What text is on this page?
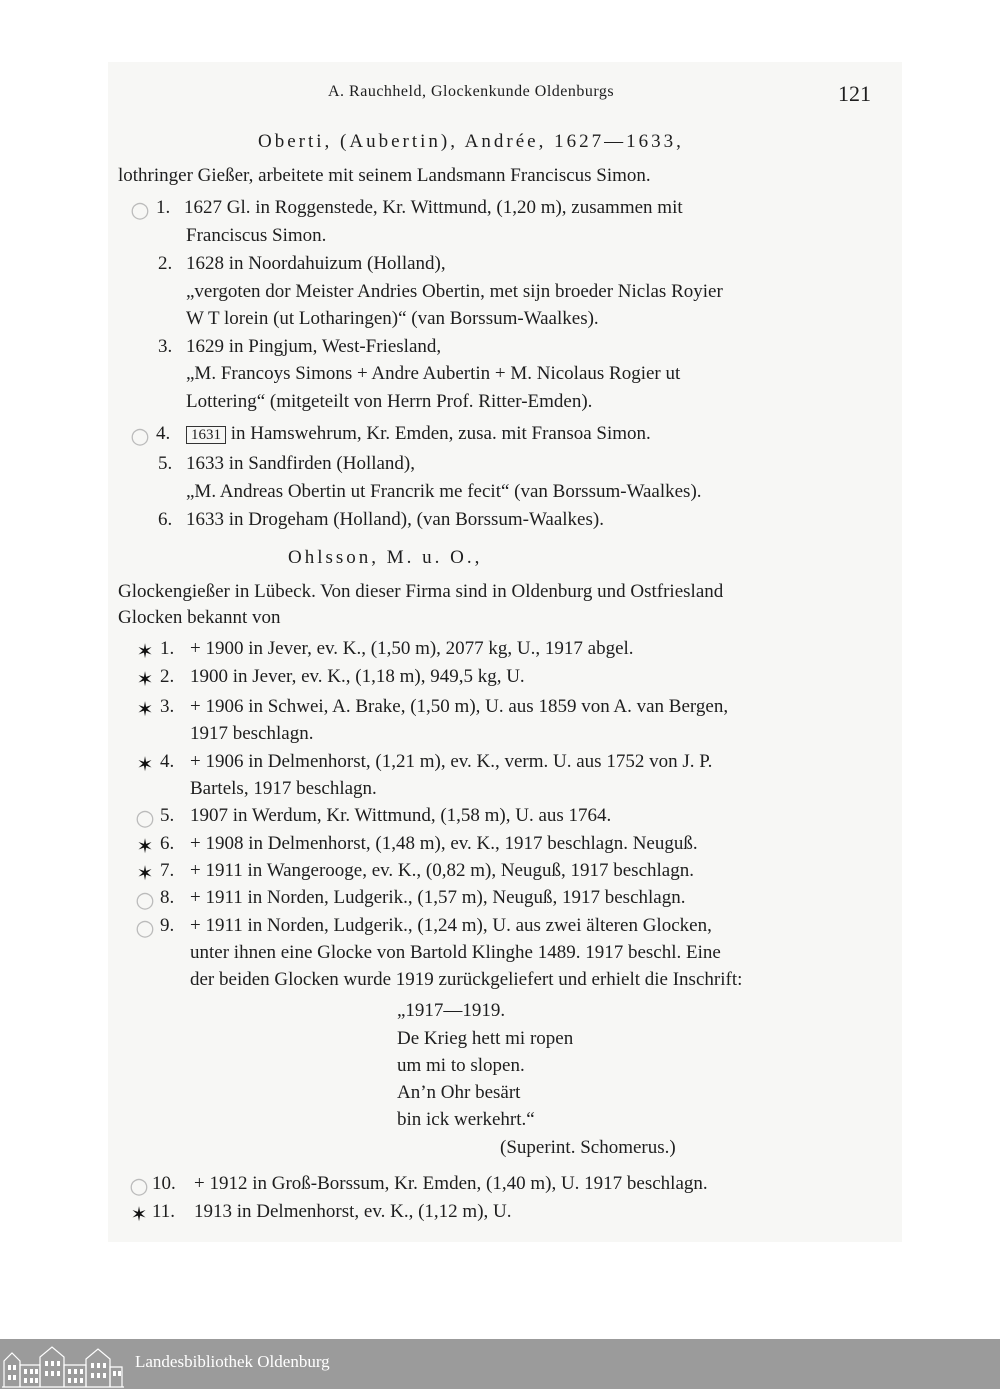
A. Rauchheld, Glockenkunde Oldenburgs	121
Oberti, (Aubertin), Andrée, 1627—1633,
lothringer Gießer, arbeitete mit seinem Landsmann Franciscus Simon.
○ 1. 1627 Gl. in Roggenstede, Kr. Wittmund, (1,20 m), zusammen mit
Franciscus Simon.
2. 1628 in Noordahuizum (Holland),
„vergoten dor Meister Andries Obertin, met sijn broeder Niclas Royier
W T lorein (ut Lotharingen)“ (van Borssum-Waalkes).
3. 1629 in Pingjum, West-Friesland,
„M. Francoys Simons + Andre Aubertin + M. Nicolaus Rogier ut
Lottering“ (mitgeteilt von Herrn Prof. Ritter-Emden).
○ 4.	1631 in Hamswehrum, Kr. Emden, zusa. mit Fransoa Simon.
5. 1633 in Sandfirden (Holland),
„M. Andreas Obertin ut Francrik me fecit“ (van Borssum-Waalkes).
6. 1633 in Drogeham (Holland), (van Borssum-Waalkes).
Ohlsson, M. u. O.,
Glockengießer in Lübeck. Von dieser Firma sind in Oldenburg und Ostfriesland
Glocken bekannt von
✶ 1. + 1900 in Jever, ev. K., (1,50 m), 2077 kg, U., 1917 abgel.
✶ 2. 1900 in Jever, ev. K., (1,18 m), 949,5 kg, U.
✶ 3. + 1906 in Schwei, A. Brake, (1,50 m), U. aus 1859 von A. van Bergen,
1917 beschlagn.
✶ 4. + 1906 in Delmenhorst, (1,21 m), ev. K., verm. U. aus 1752 von J. P.
Bartels, 1917 beschlagn.
○ 5. 1907 in Werdum, Kr. Wittmund, (1,58 m), U. aus 1764.
✶ 6. + 1908 in Delmenhorst, (1,48 m), ev. K., 1917 beschlagn. Neuguß.
✶ 7. + 1911 in Wangerooge, ev. K., (0,82 m), Neuguß, 1917 beschlagn.
○ 8. + 1911 in Norden, Ludgerik., (1,57 m), Neuguß, 1917 beschlagn.
○ 9. + 1911 in Norden, Ludgerik., (1,24 m), U. aus zwei älteren Glocken,
unter ihnen eine Glocke von Bartold Klinghe 1489. 1917 beschl. Eine
der beiden Glocken wurde 1919 zurückgeliefert und erhielt die Inschrift:
„1917—1919.
De Krieg hett mi ropen
um mi to slopen.
An’n Ohr besärt
bin ick werkehrt.“
(Superint. Schomerus.)
○ 10. + 1912 in Groß-Borssum, Kr. Emden, (1,40 m), U. 1917 beschlagn.
✶ 11. 1913 in Delmenhorst, ev. K., (1,12 m), U.
Landesbibliothek Oldenburg
